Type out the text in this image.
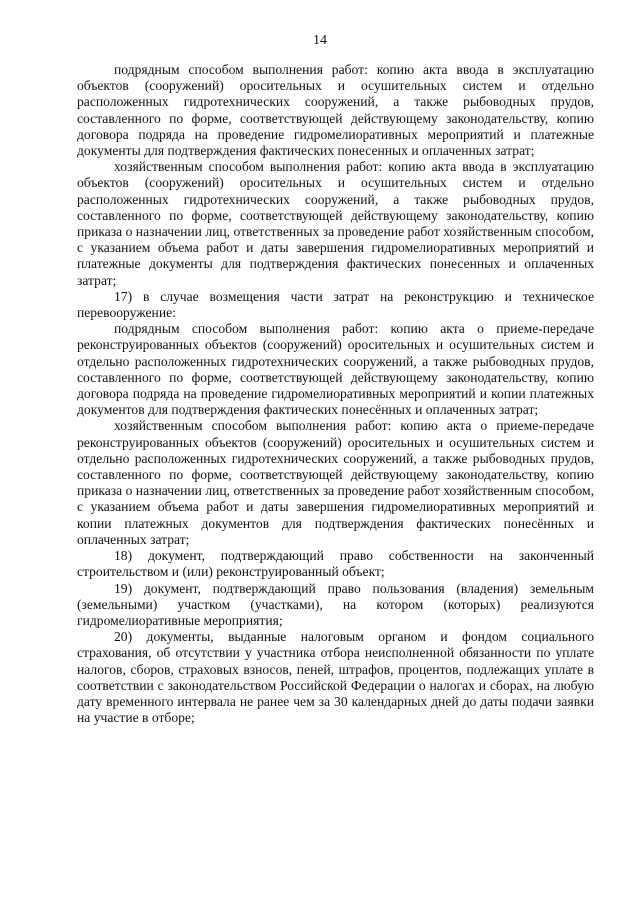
14

подрядным способом выполнения работ: копию акта ввода в эксплуатацию объектов (сооружений) оросительных и осушительных систем и отдельно расположенных гидротехнических сооружений, а также рыбоводных прудов, составленного по форме, соответствующей действующему законодательству, копию договора подряда на проведение гидромелиоративных мероприятий и платежные документы для подтверждения фактических понесенных и оплаченных затрат;

хозяйственным способом выполнения работ: копию акта ввода в эксплуатацию объектов (сооружений) оросительных и осушительных систем и отдельно расположенных гидротехнических сооружений, а также рыбоводных прудов, составленного по форме, соответствующей действующему законодательству, копию приказа о назначении лиц, ответственных за проведение работ хозяйственным способом, с указанием объема работ и даты завершения гидромелиоративных мероприятий и платежные документы для подтверждения фактических понесенных и оплаченных затрат;

17) в случае возмещения части затрат на реконструкцию и техническое перевооружение:

подрядным способом выполнения работ: копию акта о приеме-передаче реконструированных объектов (сооружений) оросительных и осушительных систем и отдельно расположенных гидротехнических сооружений, а также рыбоводных прудов, составленного по форме, соответствующей действующему законодательству, копию договора подряда на проведение гидромелиоративных мероприятий и копии платежных документов для подтверждения фактических понесённых и оплаченных затрат;

хозяйственным способом выполнения работ: копию акта о приеме-передаче реконструированных объектов (сооружений) оросительных и осушительных систем и отдельно расположенных гидротехнических сооружений, а также рыбоводных прудов, составленного по форме, соответствующей действующему законодательству, копию приказа о назначении лиц, ответственных за проведение работ хозяйственным способом, с указанием объема работ и даты завершения гидромелиоративных мероприятий и копии платежных документов для подтверждения фактических понесённых и оплаченных затрат;

18) документ, подтверждающий право собственности на законченный строительством и (или) реконструированный объект;

19) документ, подтверждающий право пользования (владения) земельным (земельными) участком (участками), на котором (которых) реализуются гидромелиоративные мероприятия;

20) документы, выданные налоговым органом и фондом социального страхования, об отсутствии у участника отбора неисполненной обязанности по уплате налогов, сборов, страховых взносов, пеней, штрафов, процентов, подлежащих уплате в соответствии с законодательством Российской Федерации о налогах и сборах, на любую дату временного интервала не ранее чем за 30 календарных дней до даты подачи заявки на участие в отборе;
